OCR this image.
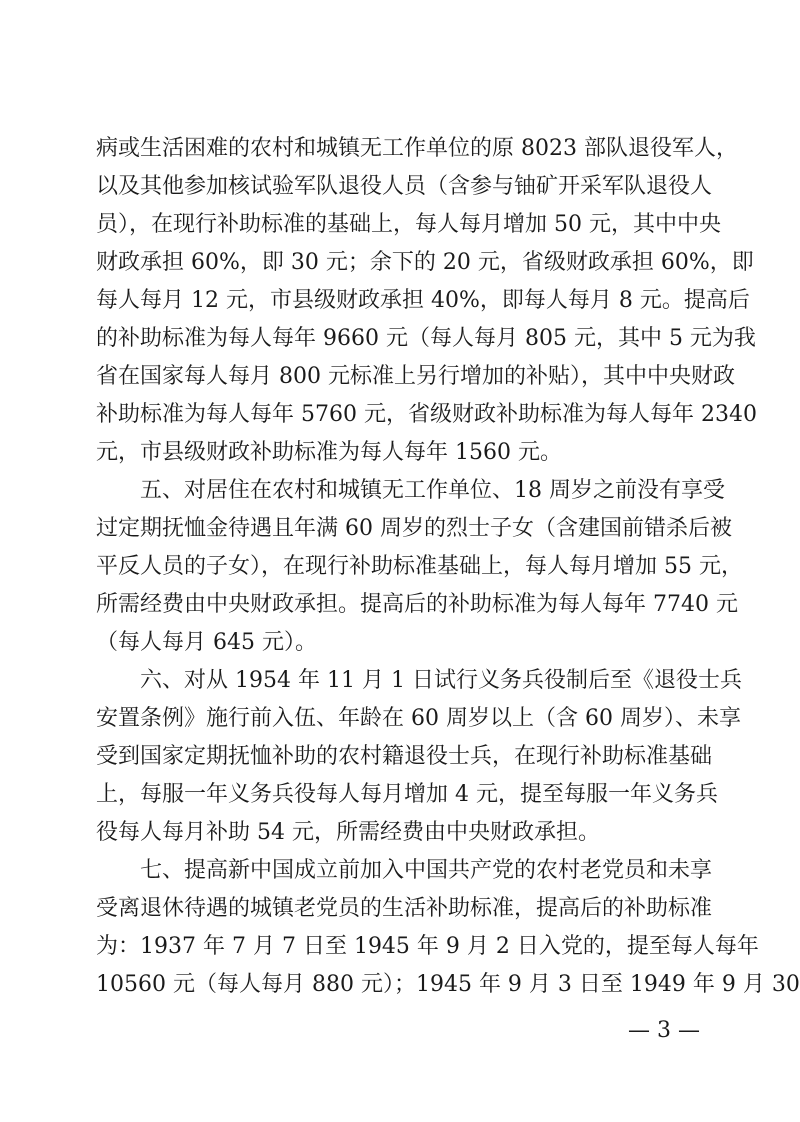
病或生活困难的农村和城镇无工作单位的原 8023 部队退役军人，
以及其他参加核试验军队退役人员（含参与铀矿开采军队退役人
员），在现行补助标准的基础上，每人每月增加 50 元，其中中央
财政承担 60%，即 30 元；余下的 20 元，省级财政承担 60%，即
每人每月 12 元，市县级财政承担 40%，即每人每月 8 元。提高后
的补助标准为每人每年 9660 元（每人每月 805 元，其中 5 元为我
省在国家每人每月 800 元标准上另行增加的补贴），其中中央财政
补助标准为每人每年 5760 元，省级财政补助标准为每人每年 2340
元，市县级财政补助标准为每人每年 1560 元。
五、对居住在农村和城镇无工作单位、18 周岁之前没有享受
过定期抚恤金待遇且年满 60 周岁的烈士子女（含建国前错杀后被
平反人员的子女），在现行补助标准基础上，每人每月增加 55 元，
所需经费由中央财政承担。提高后的补助标准为每人每年 7740 元
（每人每月 645 元）。
六、对从 1954 年 11 月 1 日试行义务兵役制后至《退役士兵
安置条例》施行前入伍、年龄在 60 周岁以上（含 60 周岁）、未享
受到国家定期抚恤补助的农村籍退役士兵，在现行补助标准基础
上，每服一年义务兵役每人每月增加 4 元，提至每服一年义务兵
役每人每月补助 54 元，所需经费由中央财政承担。
七、提高新中国成立前加入中国共产党的农村老党员和未享
受离退休待遇的城镇老党员的生活补助标准，提高后的补助标准
为：1937 年 7 月 7 日至 1945 年 9 月 2 日入党的，提至每人每年
10560 元（每人每月 880 元）；1945 年 9 月 3 日至 1949 年 9 月 30
— 3 —
